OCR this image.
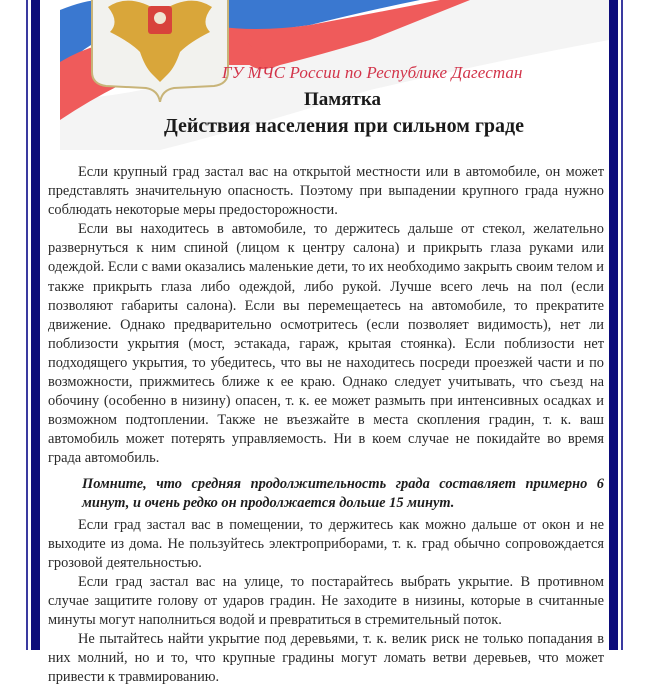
ГУ МЧС России по Республике Дагестан
Памятка
Действия населения при сильном граде

Если крупный град застал вас на открытой местности или в автомобиле, он может представлять значительную опасность. Поэтому при выпадении крупного града нужно соблюдать некоторые меры предосторожности.

Если вы находитесь в автомобиле, то держитесь дальше от стекол, желательно развернуться к ним спиной (лицом к центру салона) и прикрыть глаза руками или одеждой. Если с вами оказались маленькие дети, то их необходимо закрыть своим телом и также прикрыть глаза либо одеждой, либо рукой. Лучше всего лечь на пол (если позволяют габариты салона). Если вы перемещаетесь на автомобиле, то прекратите движение. Однако предварительно осмотритесь (если позволяет видимость), нет ли поблизости укрытия (мост, эстакада, гараж, крытая стоянка). Если поблизости нет подходящего укрытия, то убедитесь, что вы не находитесь посреди проезжей части и по возможности, прижмитесь ближе к ее краю. Однако следует учитывать, что съезд на обочину (особенно в низину) опасен, т. к. ее может размыть при интенсивных осадках и возможном подтоплении. Также не въезжайте в места скопления градин, т. к. ваш автомобиль может потерять управляемость. Ни в коем случае не покидайте во время града автомобиль.

Помните, что средняя продолжительность града составляет примерно 6 минут, и очень редко он продолжается дольше 15 минут.

Если град застал вас в помещении, то держитесь как можно дальше от окон и не выходите из дома. Не пользуйтесь электроприборами, т. к. град обычно сопровождается грозовой деятельностью.

Если град застал вас на улице, то постарайтесь выбрать укрытие. В противном случае защитите голову от ударов градин. Не заходите в низины, которые в считанные минуты могут наполниться водой и превратиться в стремительный поток.

Не пытайтесь найти укрытие под деревьями, т. к. велик риск не только попадания в них молний, но и то, что крупные градины могут ломать ветви деревьев, что может привести к травмированию.
